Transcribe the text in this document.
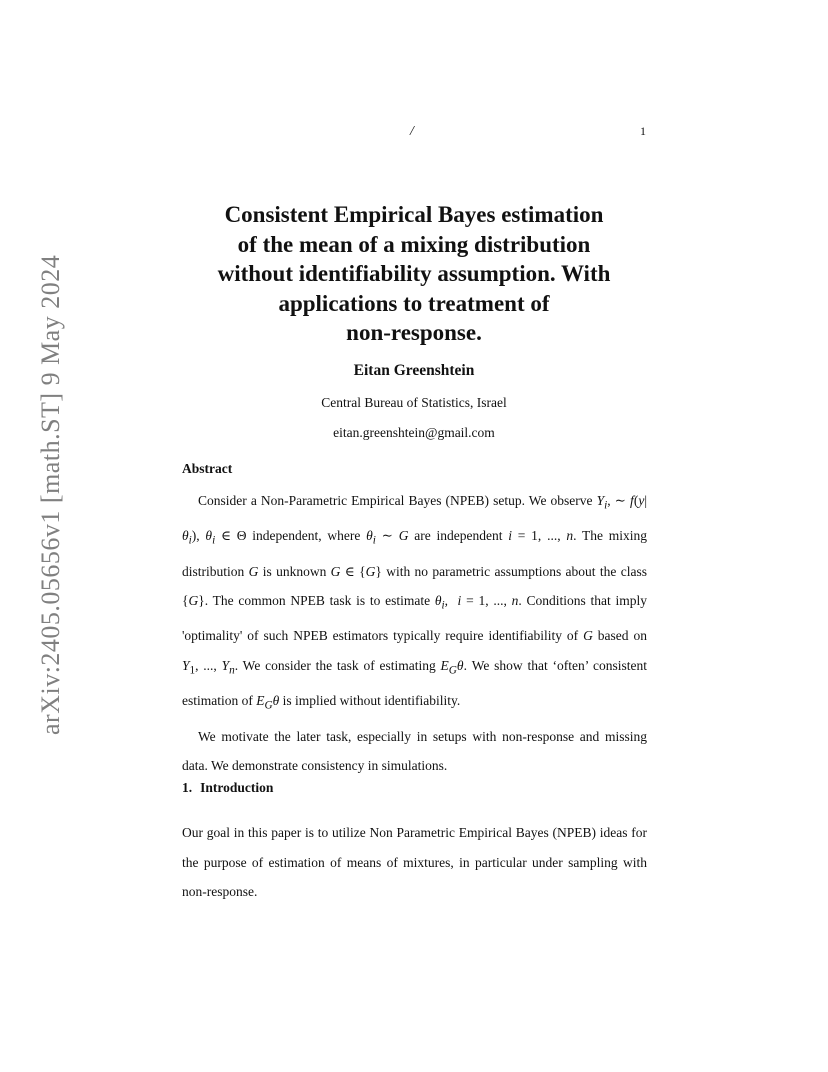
arXiv:2405.05656v1 [math.ST] 9 May 2024
/	1
Consistent Empirical Bayes estimation
of the mean of a mixing distribution
without identifiability assumption. With
applications to treatment of
non-response.
Eitan Greenshtein
Central Bureau of Statistics, Israel
eitan.greenshtein@gmail.com
Abstract

Consider a Non-Parametric Empirical Bayes (NPEB) setup. We observe $Y_i$, ∼ $f(y|\theta_i)$, $\theta_i$ ∈ Θ independent, where $\theta_i$ ∼ G are independent i = 1, ..., n. The mixing distribution G is unknown G ∈ {G} with no parametric assumptions about the class {G}. The common NPEB task is to estimate $\theta_i$,  i = 1, ..., n. Conditions that imply 'optimality' of such NPEB estimators typically require identifiability of G based on $Y_1$, ..., $Y_n$. We consider the task of estimating $E_G\theta$. We show that ‘often’ consistent estimation of $E_G\theta$ is implied without identifiability.

We motivate the later task, especially in setups with non-response and missing data. We demonstrate consistency in simulations.

1. Introduction

Our goal in this paper is to utilize Non Parametric Empirical Bayes (NPEB) ideas for the purpose of estimation of means of mixtures, in particular under sampling with non-response.
